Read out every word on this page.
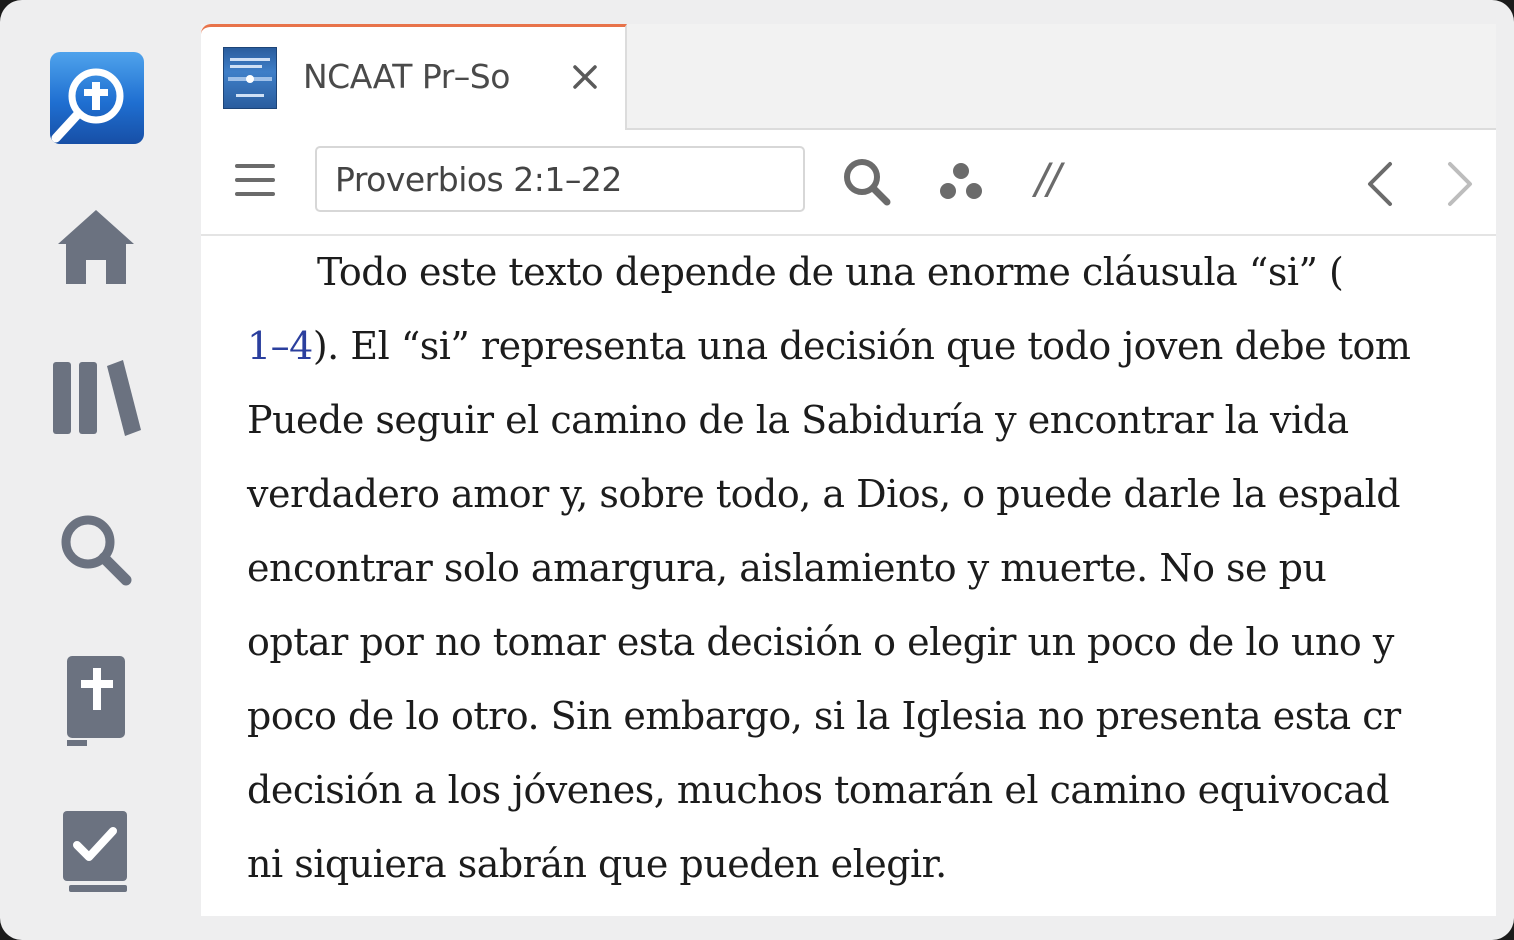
NCAAT Pr–So
Proverbios 2:1–22
//
Todo este texto depende de una enorme cláusula “si” (
1–4). El “si” representa una decisión que todo joven debe tom
Puede seguir el camino de la Sabiduría y encontrar la vida
verdadero amor y, sobre todo, a Dios, o puede darle la espald
encontrar solo amargura, aislamiento y muerte. No se pu
optar por no tomar esta decisión o elegir un poco de lo uno y
poco de lo otro. Sin embargo, si la Iglesia no presenta esta cr
decisión a los jóvenes, muchos tomarán el camino equivocad
ni siquiera sabrán que pueden elegir.
